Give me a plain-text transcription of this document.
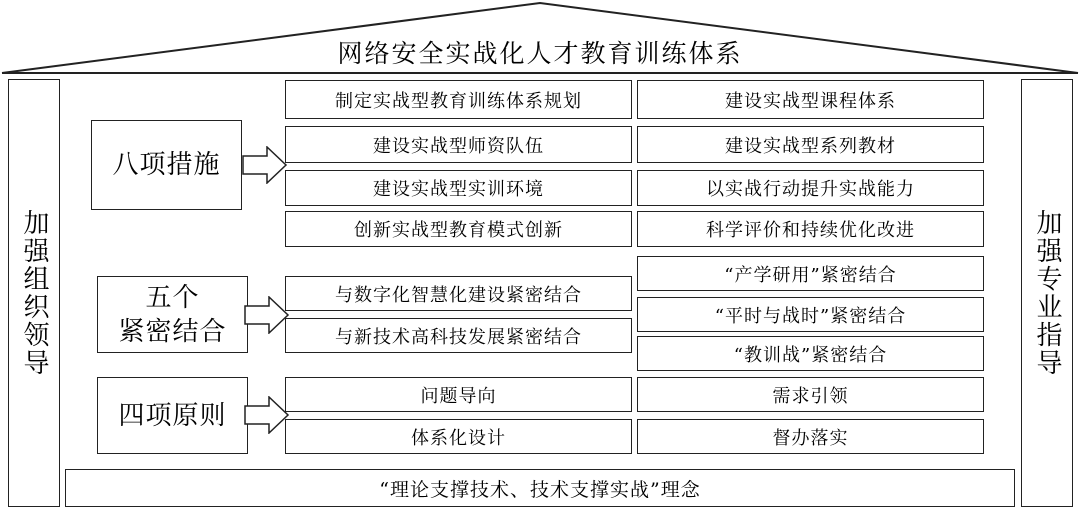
网络安全实战化人才教育训练体系
加强组织领导	加强专业指导
八项措施
制定实战型教育训练体系规划
建设实战型师资队伍
建设实战型实训环境
创新实战型教育模式创新
建设实战型课程体系
建设实战型系列教材
以实战行动提升实战能力
科学评价和持续优化改进
五个
紧密结合
与数字化智慧化建设紧密结合
与新技术高科技发展紧密结合
“产学研用”紧密结合
“平时与战时”紧密结合
“教训战”紧密结合
四项原则
问题导向
体系化设计
需求引领
督办落实
“理论支撑技术、技术支撑实战”理念
